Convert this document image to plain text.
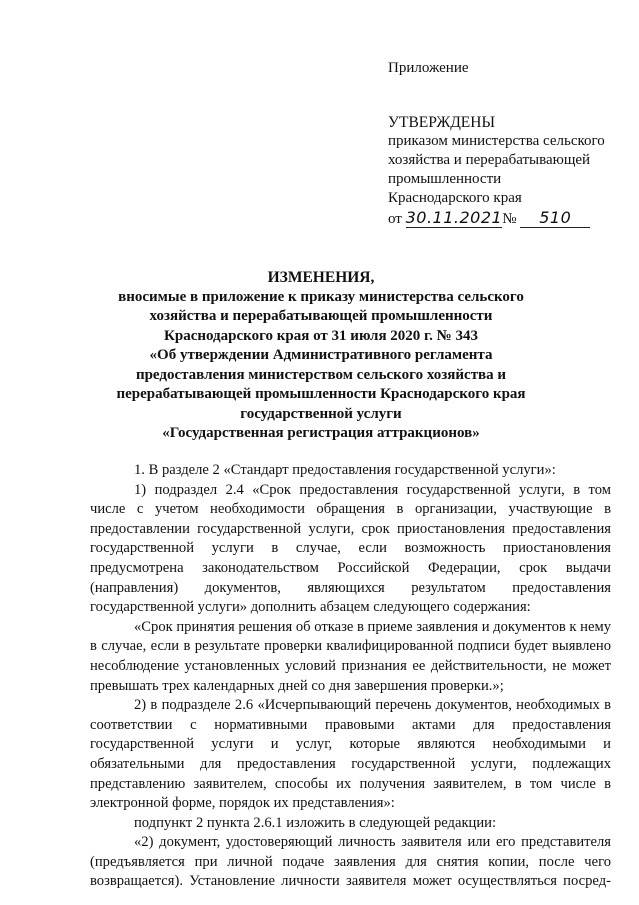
Приложение
УТВЕРЖДЕНЫ
приказом министерства сельского
хозяйства и перерабатывающей
промышленности
Краснодарского края
от 30.11.2021№ 510
ИЗМЕНЕНИЯ,
вносимые в приложение к приказу министерства сельского
хозяйства и перерабатывающей промышленности
Краснодарского края от 31 июля 2020 г. № 343
«Об утверждении Административного регламента
предоставления министерством сельского хозяйства и
перерабатывающей промышленности Краснодарского края
государственной услуги
«Государственная регистрация аттракционов»

1. В разделе 2 «Стандарт предоставления государственной услуги»:

1) подраздел 2.4 «Срок предоставления государственной услуги, в том числе с учетом необходимости обращения в организации, участвующие в предоставлении государственной услуги, срок приостановления предоставления государственной услуги в случае, если возможность приостановления предусмотрена законодательством Российской Федерации, срок выдачи (направления) документов, являющихся результатом предоставления государственной услуги» дополнить абзацем следующего содержания:

«Срок принятия решения об отказе в приеме заявления и документов к нему в случае, если в результате проверки квалифицированной подписи будет выявлено несоблюдение установленных условий признания ее действительности, не может превышать трех календарных дней со дня завершения проверки.»;

2) в подразделе 2.6 «Исчерпывающий перечень документов, необходимых в соответствии с нормативными правовыми актами для предоставления государственной услуги и услуг, которые являются необходимыми и обязательными для предоставления государственной услуги, подлежащих представлению заявителем, способы их получения заявителем, в том числе в электронной форме, порядок их представления»:

подпункт 2 пункта 2.6.1 изложить в следующей редакции:

«2) документ, удостоверяющий личность заявителя или его представителя (предъявляется при личной подаче заявления для снятия копии, после чего возвращается). Установление личности заявителя может осуществляться посред-
